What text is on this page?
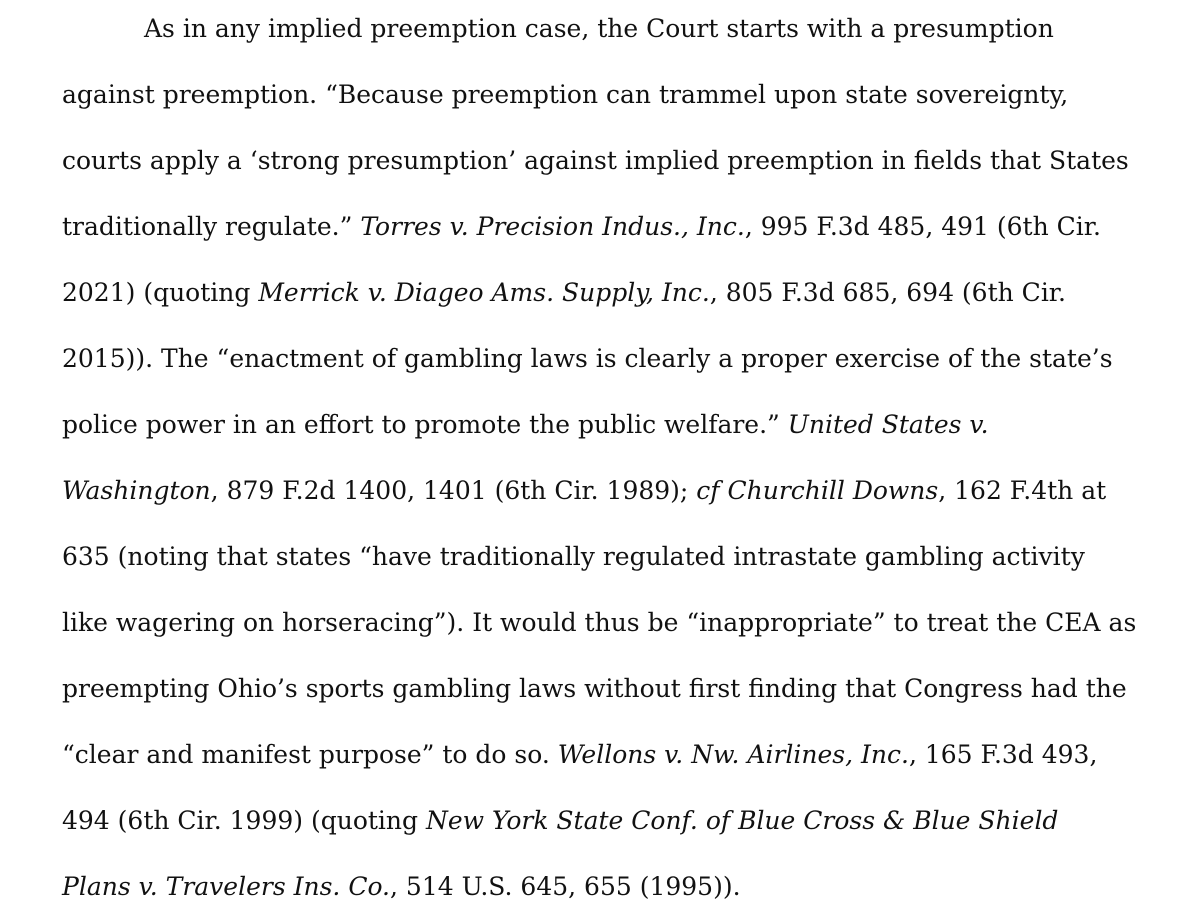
As in any implied preemption case, the Court starts with a presumption
against preemption. “Because preemption can trammel upon state sovereignty,
courts apply a ‘strong presumption’ against implied preemption in fields that States
traditionally regulate.” Torres v. Precision Indus., Inc., 995 F.3d 485, 491 (6th Cir.
2021) (quoting Merrick v. Diageo Ams. Supply, Inc., 805 F.3d 685, 694 (6th Cir.
2015)). The “enactment of gambling laws is clearly a proper exercise of the state’s
police power in an effort to promote the public welfare.” United States v.
Washington, 879 F.2d 1400, 1401 (6th Cir. 1989); cf Churchill Downs, 162 F.4th at
635 (noting that states “have traditionally regulated intrastate gambling activity
like wagering on horseracing”). It would thus be “inappropriate” to treat the CEA as
preempting Ohio’s sports gambling laws without first finding that Congress had the
“clear and manifest purpose” to do so. Wellons v. Nw. Airlines, Inc., 165 F.3d 493,
494 (6th Cir. 1999) (quoting New York State Conf. of Blue Cross & Blue Shield
Plans v. Travelers Ins. Co., 514 U.S. 645, 655 (1995)).
